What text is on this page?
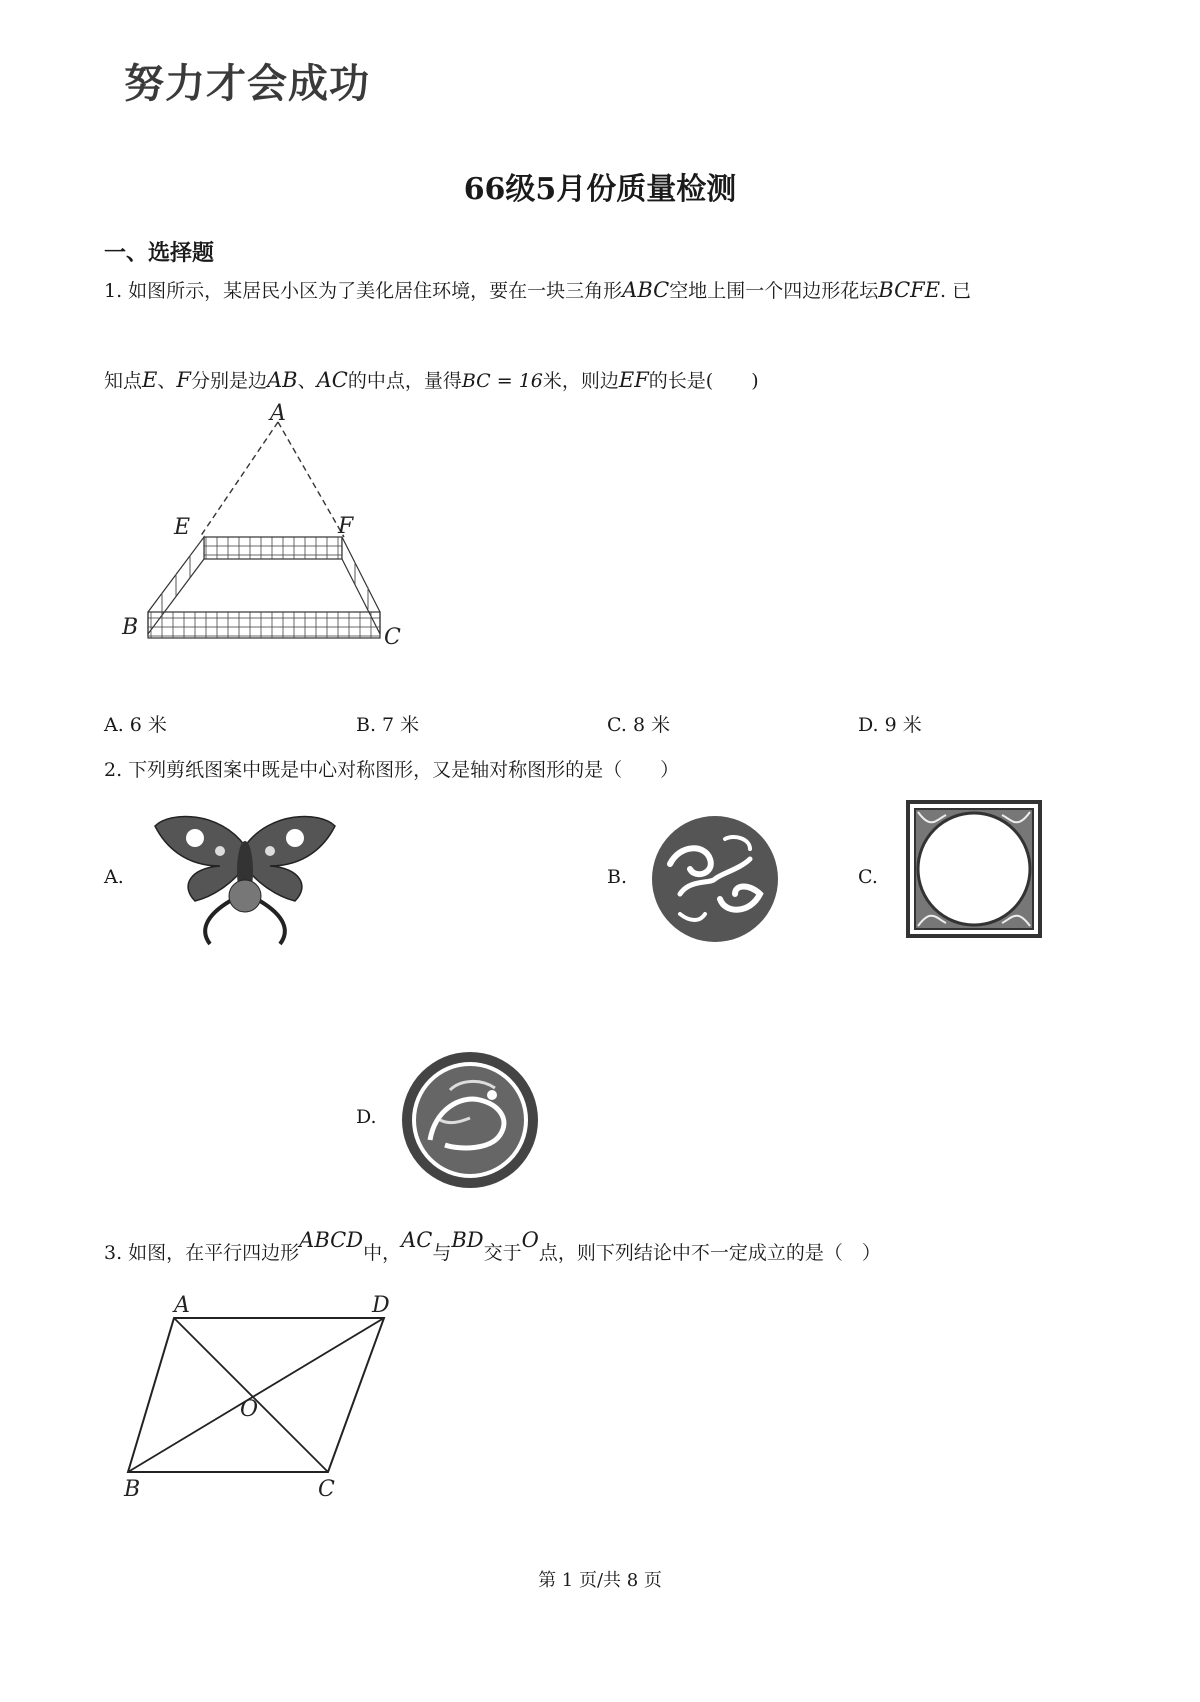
努力才会成功
66级5月份质量检测
一、选择题
1. 如图所示，某居民小区为了美化居住环境，要在一块三角形ABC空地上围一个四边形花坛BCFE. 已
知点E、F分别是边AB、AC的中点，量得BC = 16米，则边EF的长是(　　)
A
E	F
B	C
A. 6 米	B. 7 米	C. 8 米	D. 9 米
2. 下列剪纸图案中既是中心对称图形，又是轴对称图形的是（　　）
A.	B.	C.
D.
3. 如图，在平行四边形ABCD中，AC与BD交于O点，则下列结论中不一定成立的是（　）
A	D
O
B	C
第 1 页/共 8 页
